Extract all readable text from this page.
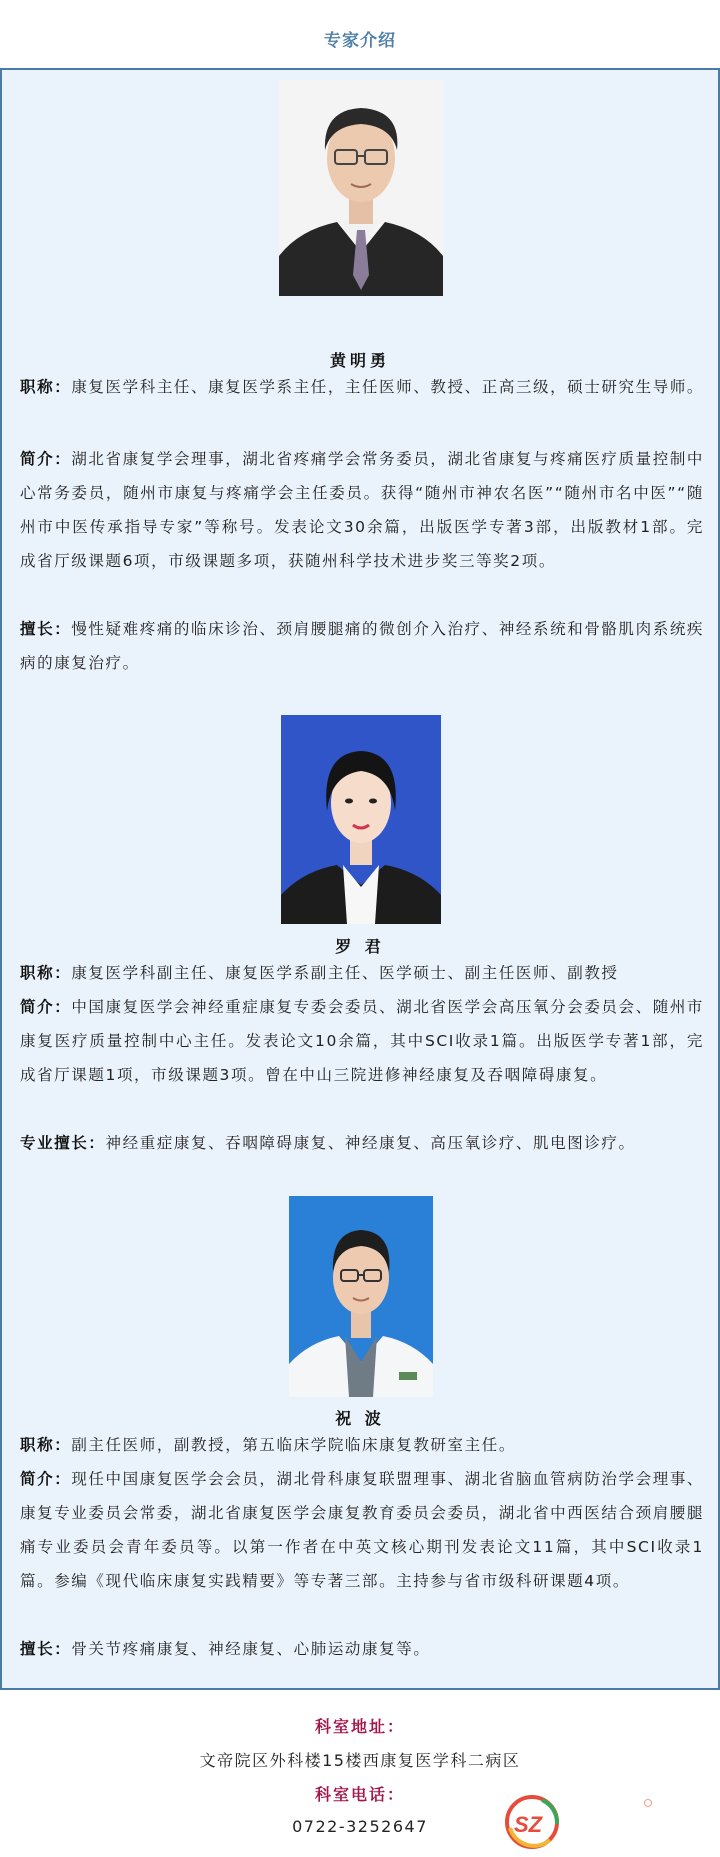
专家介绍
黄明勇

职称：康复医学科主任、康复医学系主任，主任医师、教授、正高三级，硕士研究生导师。

简介：湖北省康复学会理事，湖北省疼痛学会常务委员，湖北省康复与疼痛医疗质量控制中心常务委员，随州市康复与疼痛学会主任委员。获得“随州市神农名医”“随州市名中医”“随州市中医传承指导专家”等称号。发表论文30余篇，出版医学专著3部，出版教材1部。完成省厅级课题6项，市级课题多项，获随州科学技术进步奖三等奖2项。

擅长：慢性疑难疼痛的临床诊治、颈肩腰腿痛的微创介入治疗、神经系统和骨骼肌肉系统疾病的康复治疗。

罗 君

职称：康复医学科副主任、康复医学系副主任、医学硕士、副主任医师、副教授

简介：中国康复医学会神经重症康复专委会委员、湖北省医学会高压氧分会委员会、随州市康复医疗质量控制中心主任。发表论文10余篇，其中SCI收录1篇。出版医学专著1部，完成省厅课题1项，市级课题3项。曾在中山三院进修神经康复及吞咽障碍康复。

专业擅长：神经重症康复、吞咽障碍康复、神经康复、高压氧诊疗、肌电图诊疗。

祝 波

职称：副主任医师，副教授，第五临床学院临床康复教研室主任。

简介：现任中国康复医学会会员，湖北骨科康复联盟理事、湖北省脑血管病防治学会理事、康复专业委员会常委，湖北省康复医学会康复教育委员会委员，湖北省中西医结合颈肩腰腿痛专业委员会青年委员等。以第一作者在中英文核心期刊发表论文11篇，其中SCI收录1篇。参编《现代临床康复实践精要》等专著三部。主持参与省市级科研课题4项。

擅长：骨关节疼痛康复、神经康复、心肺运动康复等。

科室地址：
文帝院区外科楼15楼西康复医学科二病区
科室电话：
0722-3252647	SZ
